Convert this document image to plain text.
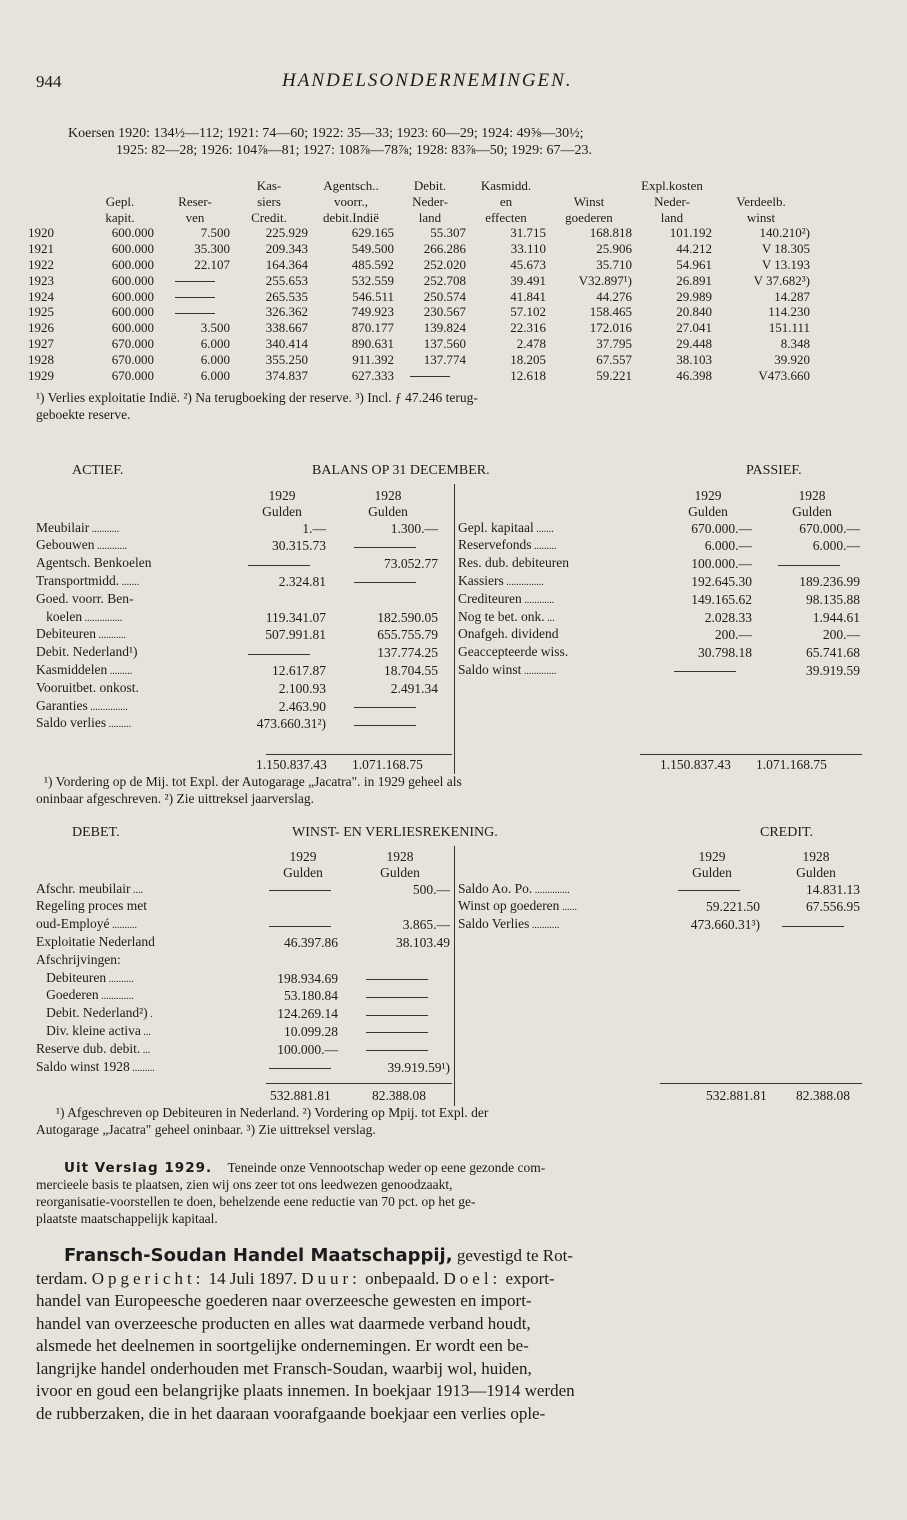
944	HANDELSONDERNEMINGEN.
Koersen 1920: 134½—112; 1921: 74—60; 1922: 35—33; 1923: 60—29; 1924: 49⅝—30½;
1925: 82—28; 1926: 104⅞—81; 1927: 108⅞—78⅞; 1928: 83⅞—50; 1929: 67—23.
			Kas-	Agentsch..	Debit.	Kasmidd.		Expl.kosten	
	Gepl.	Reser-	siers	voorr.,	Neder-	en	Winst	Neder-	Verdeelb.
	kapit.	ven	Credit.	debit.Indië	land	effecten	goederen	land	winst
1920	600.000	7.500	225.929	629.165	55.307	31.715	168.818	101.192	140.210²)
1921	600.000	35.300	209.343	549.500	266.286	33.110	25.906	44.212	V 18.305
1922	600.000	22.107	164.364	485.592	252.020	45.673	35.710	54.961	V 13.193
1923	600.000		255.653	532.559	252.708	39.491	V32.897¹)	26.891	V 37.682³)
1924	600.000		265.535	546.511	250.574	41.841	44.276	29.989	14.287
1925	600.000		326.362	749.923	230.567	57.102	158.465	20.840	114.230
1926	600.000	3.500	338.667	870.177	139.824	22.316	172.016	27.041	151.111
1927	670.000	6.000	340.414	890.631	137.560	2.478	37.795	29.448	8.348
1928	670.000	6.000	355.250	911.392	137.774	18.205	67.557	38.103	39.920
1929	670.000	6.000	374.837	627.333		12.618	59.221	46.398	V473.660
¹) Verlies exploitatie Indië. ²) Na terugboeking der reserve. ³) Incl. ƒ 47.246 terug-
geboekte reserve.
ACTIEF.	BALANS OP 31 DECEMBER.	PASSIEF.
	1929	1928
	Gulden	Gulden
Meubilair ...........	1.—	1.300.—
Gebouwen ............	30.315.73	
Agentsch. Benkoelen		73.052.77
Transportmidd. .......	2.324.81	
Goed. voorr. Ben-		
koelen ...............	119.341.07	182.590.05
Debiteuren ...........	507.991.81	655.755.79
Debit. Nederland¹)		137.774.25
Kasmiddelen .........	12.617.87	18.704.55
Vooruitbet. onkost.	2.100.93	2.491.34
Garanties ...............	2.463.90	
Saldo verlies .........	473.660.31²)	
	1929	1928
	Gulden	Gulden
Gepl. kapitaal .......	670.000.—	670.000.—
Reservefonds .........	6.000.—	6.000.—
Res. dub. debiteuren	100.000.—	
Kassiers ...............	192.645.30	189.236.99
Crediteuren ............	149.165.62	98.135.88
Nog te bet. onk. ...	2.028.33	1.944.61
Onafgeh. dividend	200.—	200.—
Geaccepteerde wiss.	30.798.18	65.741.68
Saldo winst .............		39.919.59
1.150.837.43 1.071.168.75	1.150.837.43 1.071.168.75
¹) Vordering op de Mij. tot Expl. der Autogarage „Jacatra". in 1929 geheel als
oninbaar afgeschreven. ²) Zie uittreksel jaarverslag.
DEBET.	WINST- EN VERLIESREKENING.	CREDIT.
	1929	1928
	Gulden	Gulden
Afschr. meubilair ....		500.—
Regeling proces met		
oud-Employé ..........		3.865.—
Exploitatie Nederland	46.397.86	38.103.49
Afschrijvingen:		
Debiteuren ..........	198.934.69	
Goederen .............	53.180.84	
Debit. Nederland²) .	124.269.14	
Div. kleine activa ...	10.099.28	
Reserve dub. debit. ...	100.000.—	
Saldo winst 1928 .........		39.919.59¹)
	1929	1928
	Gulden	Gulden
Saldo Ao. Po. ..............		14.831.13
Winst op goederen ......	59.221.50	67.556.95
Saldo Verlies ...........	473.660.31³)	
532.881.81	82.388.08	532.881.81 82.388.08
¹) Afgeschreven op Debiteuren in Nederland. ²) Vordering op Mpij. tot Expl. der
Autogarage „Jacatra" geheel oninbaar. ³) Zie uittreksel verslag.
Uit Verslag 1929. Teneinde onze Vennootschap weder op eene gezonde com-
mercieele basis te plaatsen, zien wij ons zeer tot ons leedwezen genoodzaakt,
reorganisatie-voorstellen te doen, behelzende eene reductie van 70 pct. op het ge-
plaatste maatschappelijk kapitaal.
Fransch-Soudan Handel Maatschappij, gevestigd te Rot-
terdam. Opgericht: 14 Juli 1897. Duur: onbepaald. Doel: export-
handel van Europeesche goederen naar overzeesche gewesten en import-
handel van overzeesche producten en alles wat daarmede verband houdt,
alsmede het deelnemen in soortgelijke ondernemingen. Er wordt een be-
langrijke handel onderhouden met Fransch-Soudan, waarbij wol, huiden,
ivoor en goud een belangrijke plaats innemen. In boekjaar 1913—1914 werden
de rubberzaken, die in het daaraan voorafgaande boekjaar een verlies ople-
